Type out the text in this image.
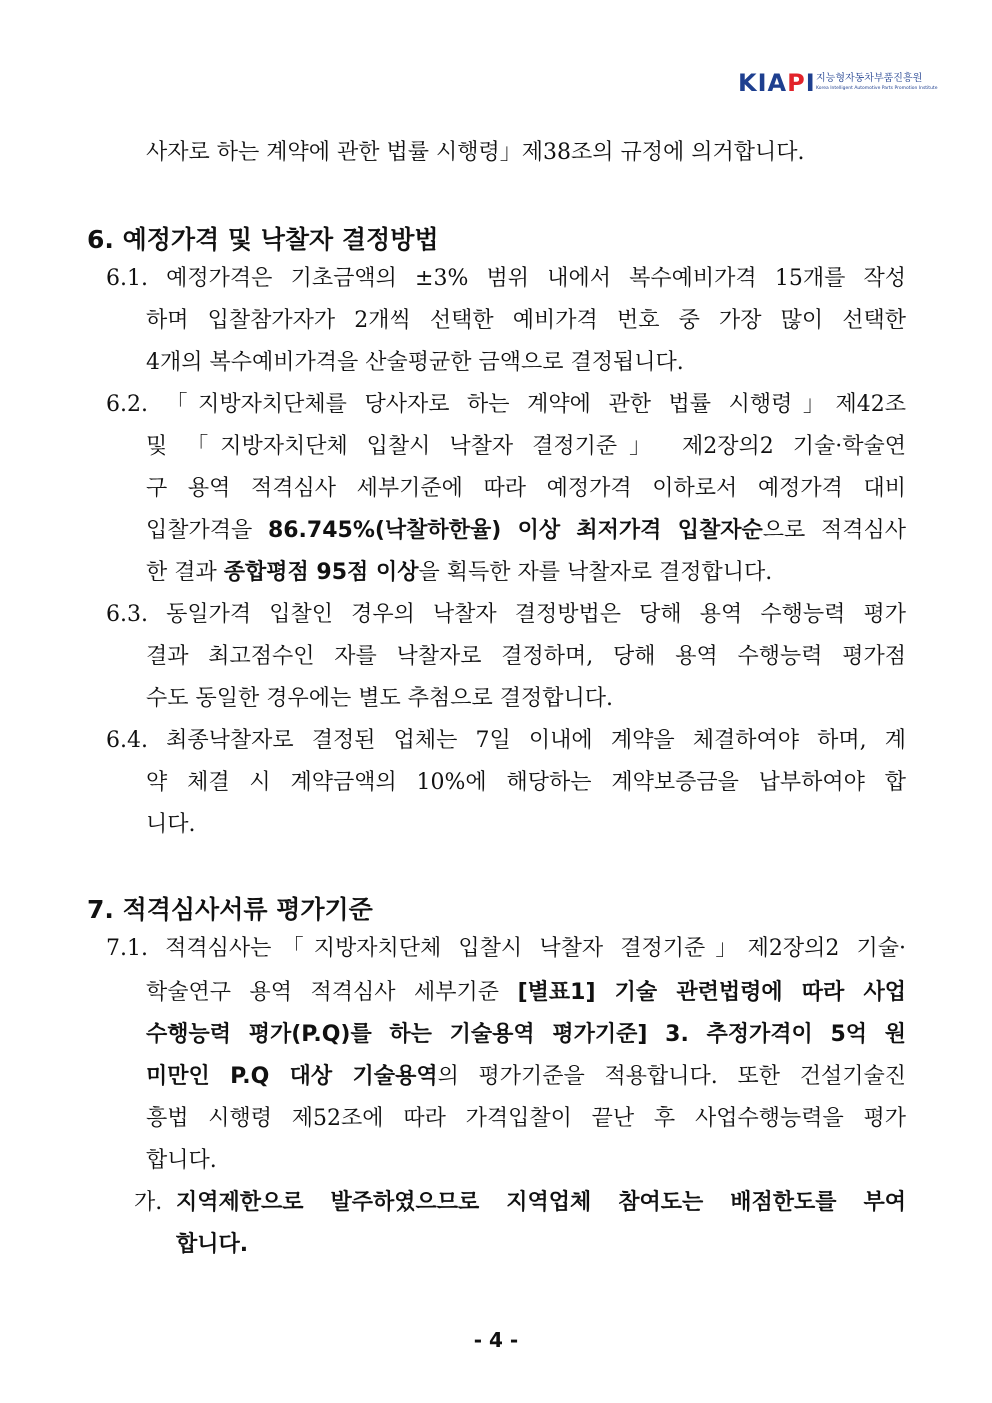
KIAPI 지능형자동차부품진흥원
Korea Intelligent Automotive Parts Promotion Institute
사자로 하는 계약에 관한 법률 시행령」제38조의 규정에 의거합니다.
6. 예정가격 및 낙찰자 결정방법
6.1. 예정가격은 기초금액의 ±3% 범위 내에서 복수예비가격 15개를 작성
하며 입찰참가자가 2개씩 선택한 예비가격 번호 중 가장 많이 선택한
4개의 복수예비가격을 산술평균한 금액으로 결정됩니다.
6.2. 「지방자치단체를 당사자로 하는 계약에 관한 법률 시행령」제42조
및 「지방자치단체 입찰시 낙찰자 결정기준」 제2장의2 기술·학술연
구 용역 적격심사 세부기준에 따라 예정가격 이하로서 예정가격 대비
입찰가격을 86.745%(낙찰하한율) 이상 최저가격 입찰자순으로 적격심사
한 결과 종합평점 95점 이상을 획득한 자를 낙찰자로 결정합니다.
6.3. 동일가격 입찰인 경우의 낙찰자 결정방법은 당해 용역 수행능력 평가
결과 최고점수인 자를 낙찰자로 결정하며, 당해 용역 수행능력 평가점
수도 동일한 경우에는 별도 추첨으로 결정합니다.
6.4. 최종낙찰자로 결정된 업체는 7일 이내에 계약을 체결하여야 하며, 계
약 체결 시 계약금액의 10%에 해당하는 계약보증금을 납부하여야 합
니다.
7. 적격심사서류 평가기준
7.1. 적격심사는「지방자치단체 입찰시 낙찰자 결정기준」제2장의2 기술·
학술연구 용역 적격심사 세부기준 [별표1] 기술 관련법령에 따라 사업
수행능력 평가(P.Q)를 하는 기술용역 평가기준] 3. 추정가격이 5억 원
미만인 P.Q 대상 기술용역의 평가기준을 적용합니다. 또한 건설기술진
흥법 시행령 제52조에 따라 가격입찰이 끝난 후 사업수행능력을 평가
합니다.
가. 지역제한으로 발주하였으므로 지역업체 참여도는 배점한도를 부여
합니다.
- 4 -
